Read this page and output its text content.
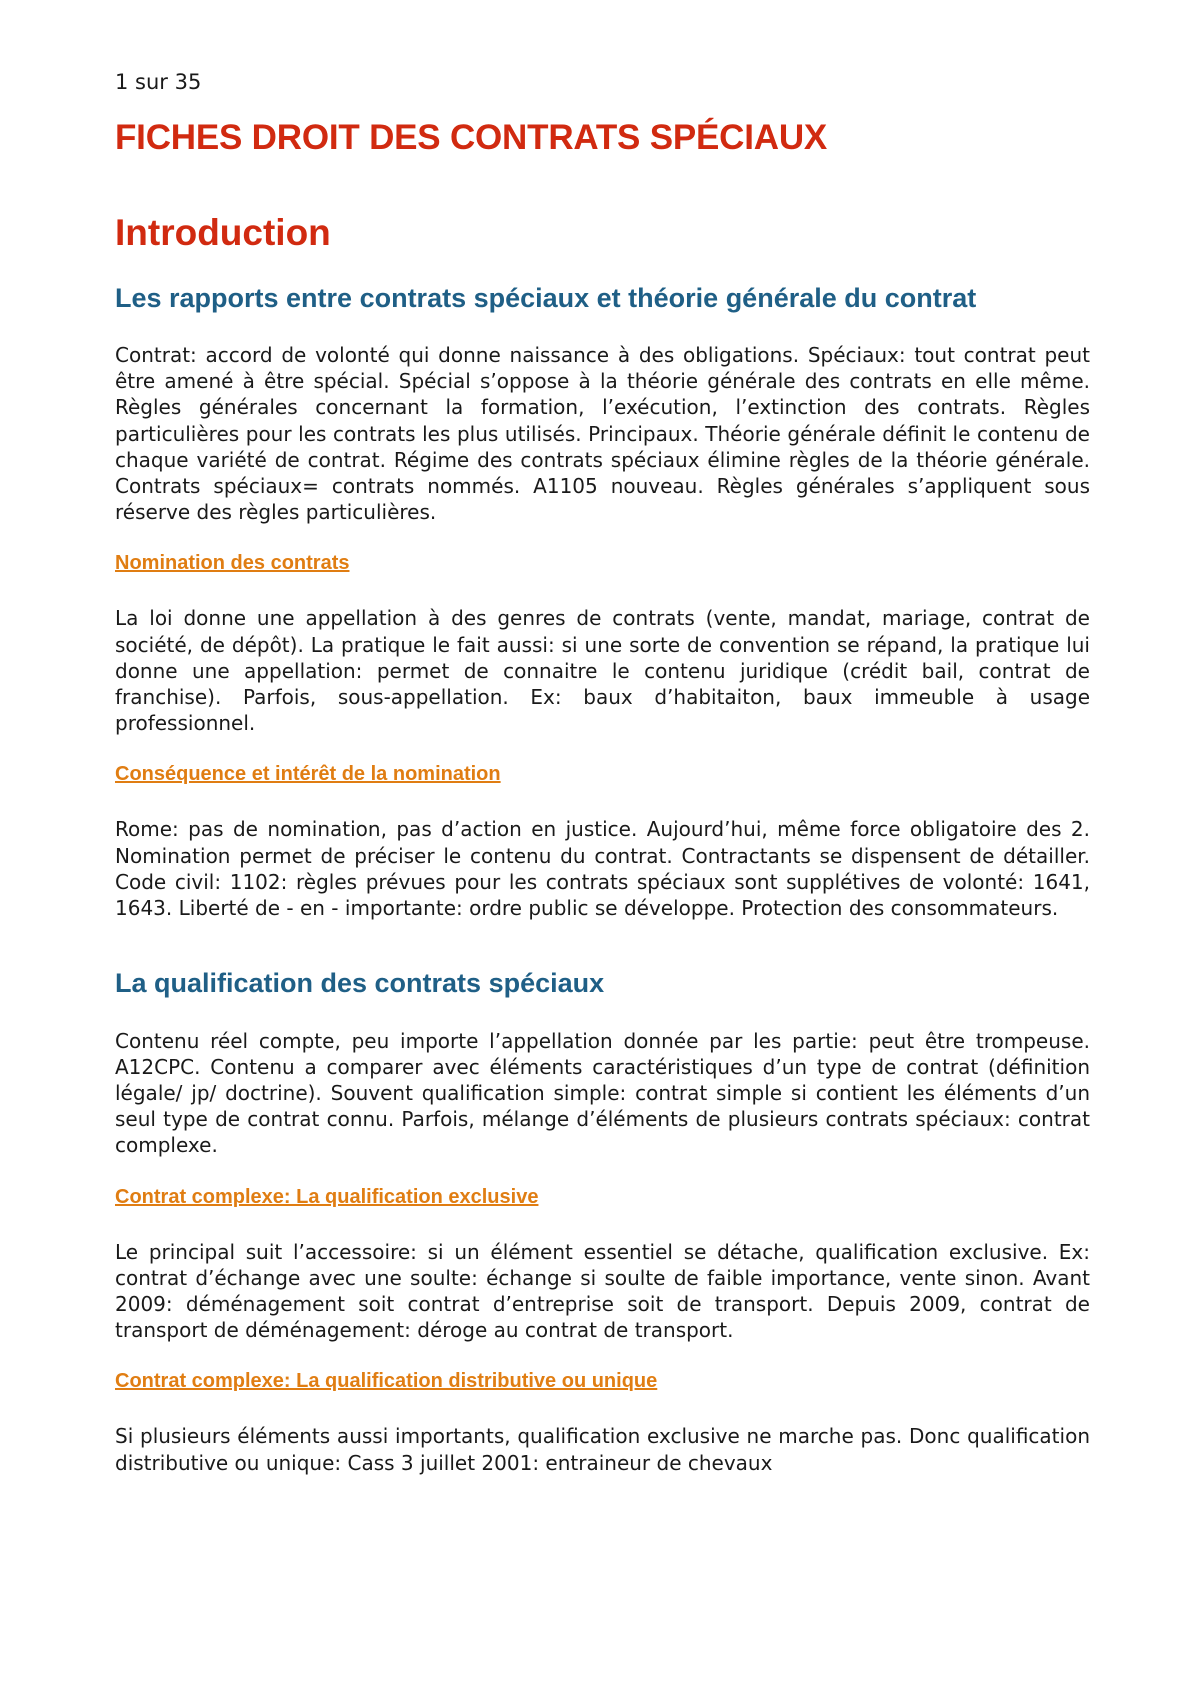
1 sur 35
FICHES DROIT DES CONTRATS SPÉCIAUX
Introduction
Les rapports entre contrats spéciaux et théorie générale du contrat

Contrat: accord de volonté qui donne naissance à des obligations. Spéciaux: tout contrat peut être amené à être spécial. Spécial s’oppose à la théorie générale des contrats en elle même. Règles générales concernant la formation, l’exécution, l’extinction des contrats. Règles particulières pour les contrats les plus utilisés. Principaux. Théorie générale définit le contenu de chaque variété de contrat. Régime des contrats spéciaux élimine règles de la théorie générale. Contrats spéciaux= contrats nommés. A1105 nouveau. Règles générales s’appliquent sous réserve des règles particulières.

Nomination des contrats

La loi donne une appellation à des genres de contrats (vente, mandat, mariage, contrat de société, de dépôt). La pratique le fait aussi: si une sorte de convention se répand, la pratique lui donne une appellation: permet de connaitre le contenu juridique (crédit bail, contrat de franchise). Parfois, sous-appellation. Ex: baux d’habitaiton, baux immeuble à usage professionnel.

Conséquence et intérêt de la nomination

Rome: pas de nomination, pas d’action en justice. Aujourd’hui, même force obligatoire des 2. Nomination permet de préciser le contenu du contrat. Contractants se dispensent de détailler. Code civil: 1102: règles prévues pour les contrats spéciaux sont supplétives de volonté: 1641, 1643. Liberté de - en - importante: ordre public se développe. Protection des consommateurs.

La qualification des contrats spéciaux

Contenu réel compte, peu importe l’appellation donnée par les partie: peut être trompeuse. A12CPC. Contenu a comparer avec éléments caractéristiques d’un type de contrat (définition légale/ jp/ doctrine). Souvent qualification simple: contrat simple si contient les éléments d’un seul type de contrat connu. Parfois, mélange d’éléments de plusieurs contrats spéciaux: contrat complexe.

Contrat complexe: La qualification exclusive

Le principal suit l’accessoire: si un élément essentiel se détache, qualification exclusive. Ex: contrat d’échange avec une soulte: échange si soulte de faible importance, vente sinon. Avant 2009: déménagement soit contrat d’entreprise soit de transport. Depuis 2009, contrat de transport de déménagement: déroge au contrat de transport.

Contrat complexe: La qualification distributive ou unique

Si plusieurs éléments aussi importants, qualification exclusive ne marche pas. Donc qualification distributive ou unique: Cass 3 juillet 2001: entraineur de chevaux
